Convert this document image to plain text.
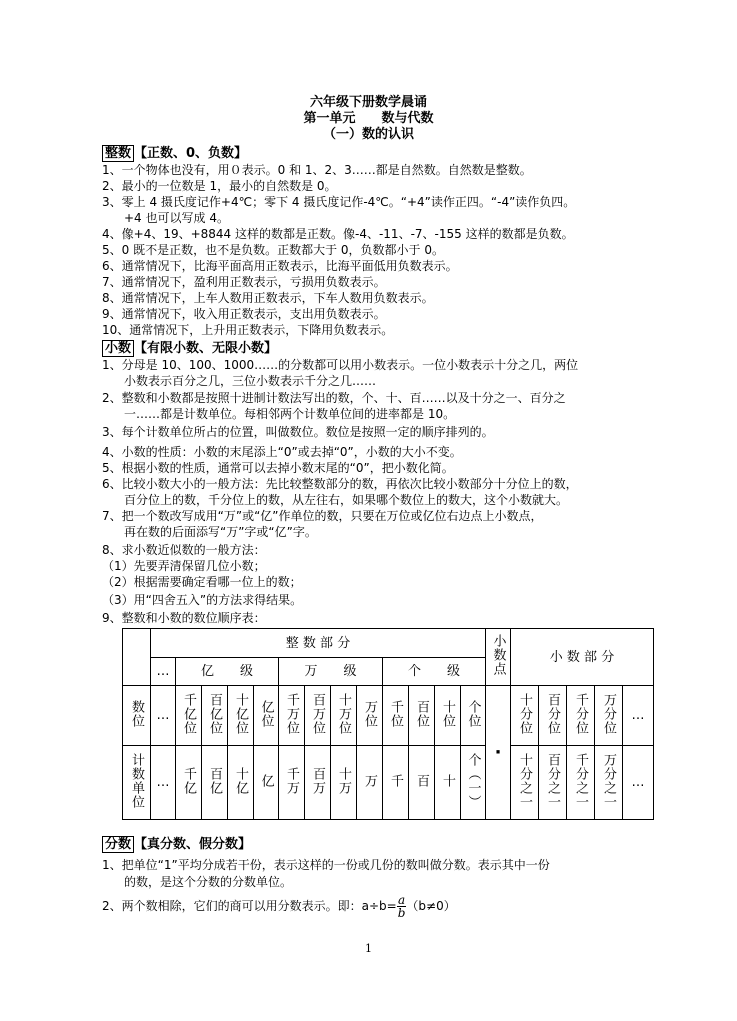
六年级下册数学晨诵
第一单元　　数与代数
（一）数的认识
整数 【正数、0、负数】
1、一个物体也没有，用０表示。0 和 1、2、3……都是自然数。自然数是整数。
2、最小的一位数是 1，最小的自然数是 0。
3、零上 4 摄氏度记作+4℃；零下 4 摄氏度记作-4℃。“+4”读作正四。“-4”读作负四。
+4 也可以写成 4。
4、像+4、19、+8844 这样的数都是正数。像-4、-11、-7、-155 这样的数都是负数。
5、0 既不是正数，也不是负数。正数都大于 0，负数都小于 0。
6、通常情况下，比海平面高用正数表示，比海平面低用负数表示。
7、通常情况下，盈利用正数表示，亏损用负数表示。
8、通常情况下，上车人数用正数表示，下车人数用负数表示。
9、通常情况下，收入用正数表示，支出用负数表示。
10、通常情况下，上升用正数表示，下降用负数表示。
小数 【有限小数、无限小数】
1、分母是 10、100、1000……的分数都可以用小数表示。一位小数表示十分之几，两位
小数表示百分之几，三位小数表示千分之几……
2、整数和小数都是按照十进制计数法写出的数，个、十、百……以及十分之一、百分之
一……都是计数单位。每相邻两个计数单位间的进率都是 10。
3、每个计数单位所占的位置，叫做数位。数位是按照一定的顺序排列的。
4、小数的性质：小数的末尾添上“0”或去掉“0”，小数的大小不变。
5、根据小数的性质，通常可以去掉小数末尾的“0”，把小数化简。
6、比较小数大小的一般方法：先比较整数部分的数，再依次比较小数部分十分位上的数，
百分位上的数，千分位上的数，从左往右，如果哪个数位上的数大，这个小数就大。
7、把一个数改写成用“万”或“亿”作单位的数，只要在万位或亿位右边点上小数点，
再在数的后面添写“万”字或“亿”字。
8、求小数近似数的一般方法：
（1）先要弄清保留几位小数；
（2）根据需要确定看哪一位上的数；
（3）用“四舍五入”的方法求得结果。
9、整数和小数的数位顺序表：
	整 数 部 分													小数点	小 数 部 分				
	…	亿　　级				万　　级				个　　级									
数位	…	千亿位	百亿位	十亿位	亿位	千万位	百万位	十万位	万位	千位	百位	十位	个位	·	十分位	百分位	千分位	万分位	…
计数单位	…	千亿	百亿	十亿	亿	千万	百万	十万	万	千	百	十	个（一）		十分之一	百分之一	千分之一	万分之一	…
分数 【真分数、假分数】
1、把单位“1”平均分成若干份，表示这样的一份或几份的数叫做分数。表示其中一份
的数，是这个分数的分数单位。
2、两个数相除，它们的商可以用分数表示。即：$a\div b= \frac{a}{b} (b\ne 0)$
1
